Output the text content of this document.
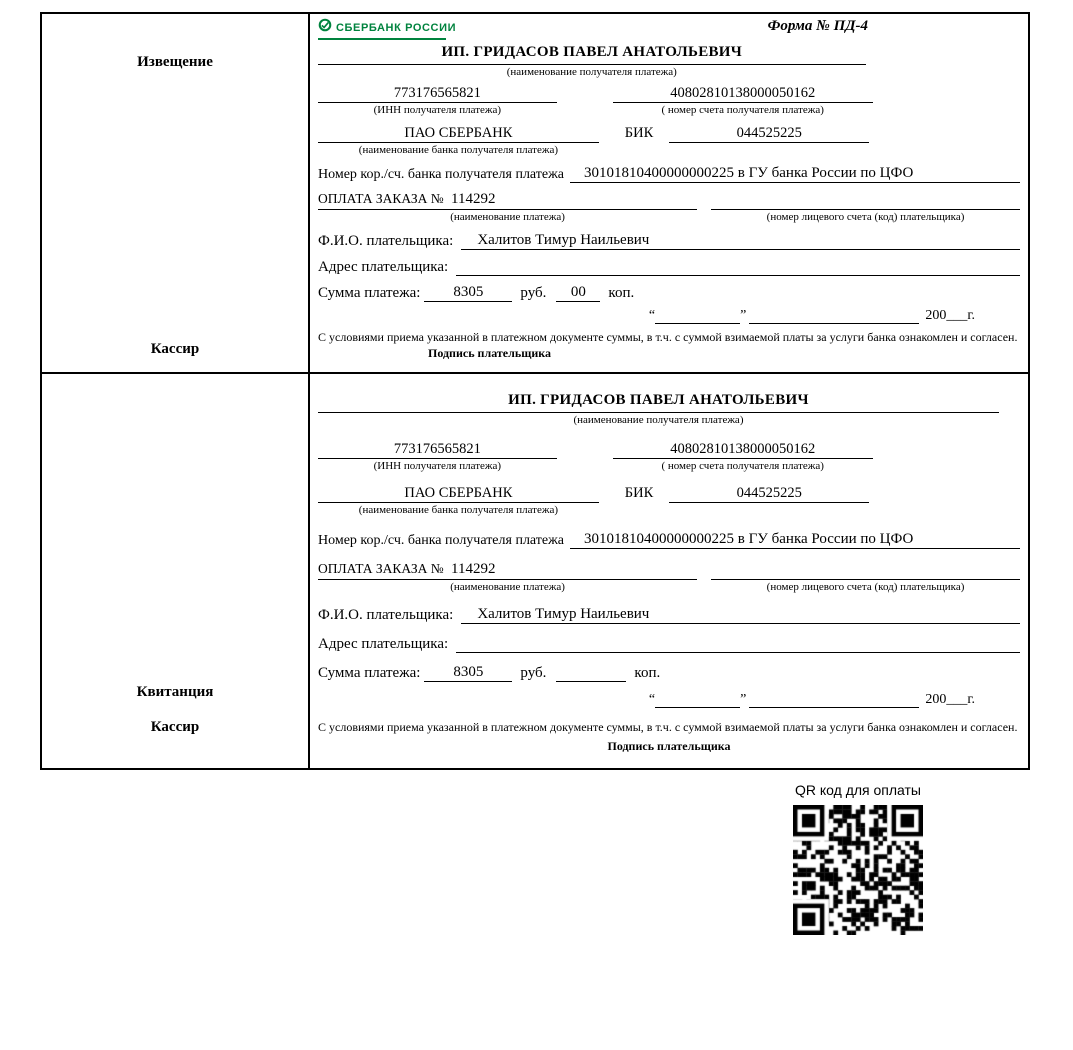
Извещение
Кассир
СБЕРБАНК РОССИИ	Форма № ПД-4
ИП. ГРИДАСОВ ПАВЕЛ АНАТОЛЬЕВИЧ
(наименование получателя платежа)
773176565821
(ИНН получателя платежа)
40802810138000050162
( номер счета получателя платежа)
ПАО СБЕРБАНК
(наименование банка получателя платежа)
БИК	044525225
Номер кор./сч. банка получателя платежа	30101810400000000225 в ГУ банка России по ЦФО
ОПЛАТА ЗАКАЗА № 114292
(наименование платежа)	(номер лицевого счета (код) плательщика)
Ф.И.О. плательщика:	Халитов Тимур Наильевич
Адрес плательщика:
Сумма платежа:	8305	руб.	00	коп.
“	”	200___г.
С условиями приема указанной в платежном документе суммы, в т.ч. с суммой взимаемой платы за услуги банка ознакомлен и согласен. Подпись плательщика
Квитанция
Кассир
ИП. ГРИДАСОВ ПАВЕЛ АНАТОЛЬЕВИЧ
(наименование получателя платежа)
773176565821
(ИНН получателя платежа)
40802810138000050162
( номер счета получателя платежа)
ПАО СБЕРБАНК
(наименование банка получателя платежа)
БИК	044525225
Номер кор./сч. банка получателя платежа	30101810400000000225 в ГУ банка России по ЦФО
ОПЛАТА ЗАКАЗА № 114292
(наименование платежа)	(номер лицевого счета (код) плательщика)
Ф.И.О. плательщика:	Халитов Тимур Наильевич
Адрес плательщика:
Сумма платежа:	8305	руб.	коп.
“	”	200___г.
С условиями приема указанной в платежном документе суммы, в т.ч. с суммой взимаемой платы за услуги банка ознакомлен и согласен.
Подпись плательщика
QR код для оплаты
